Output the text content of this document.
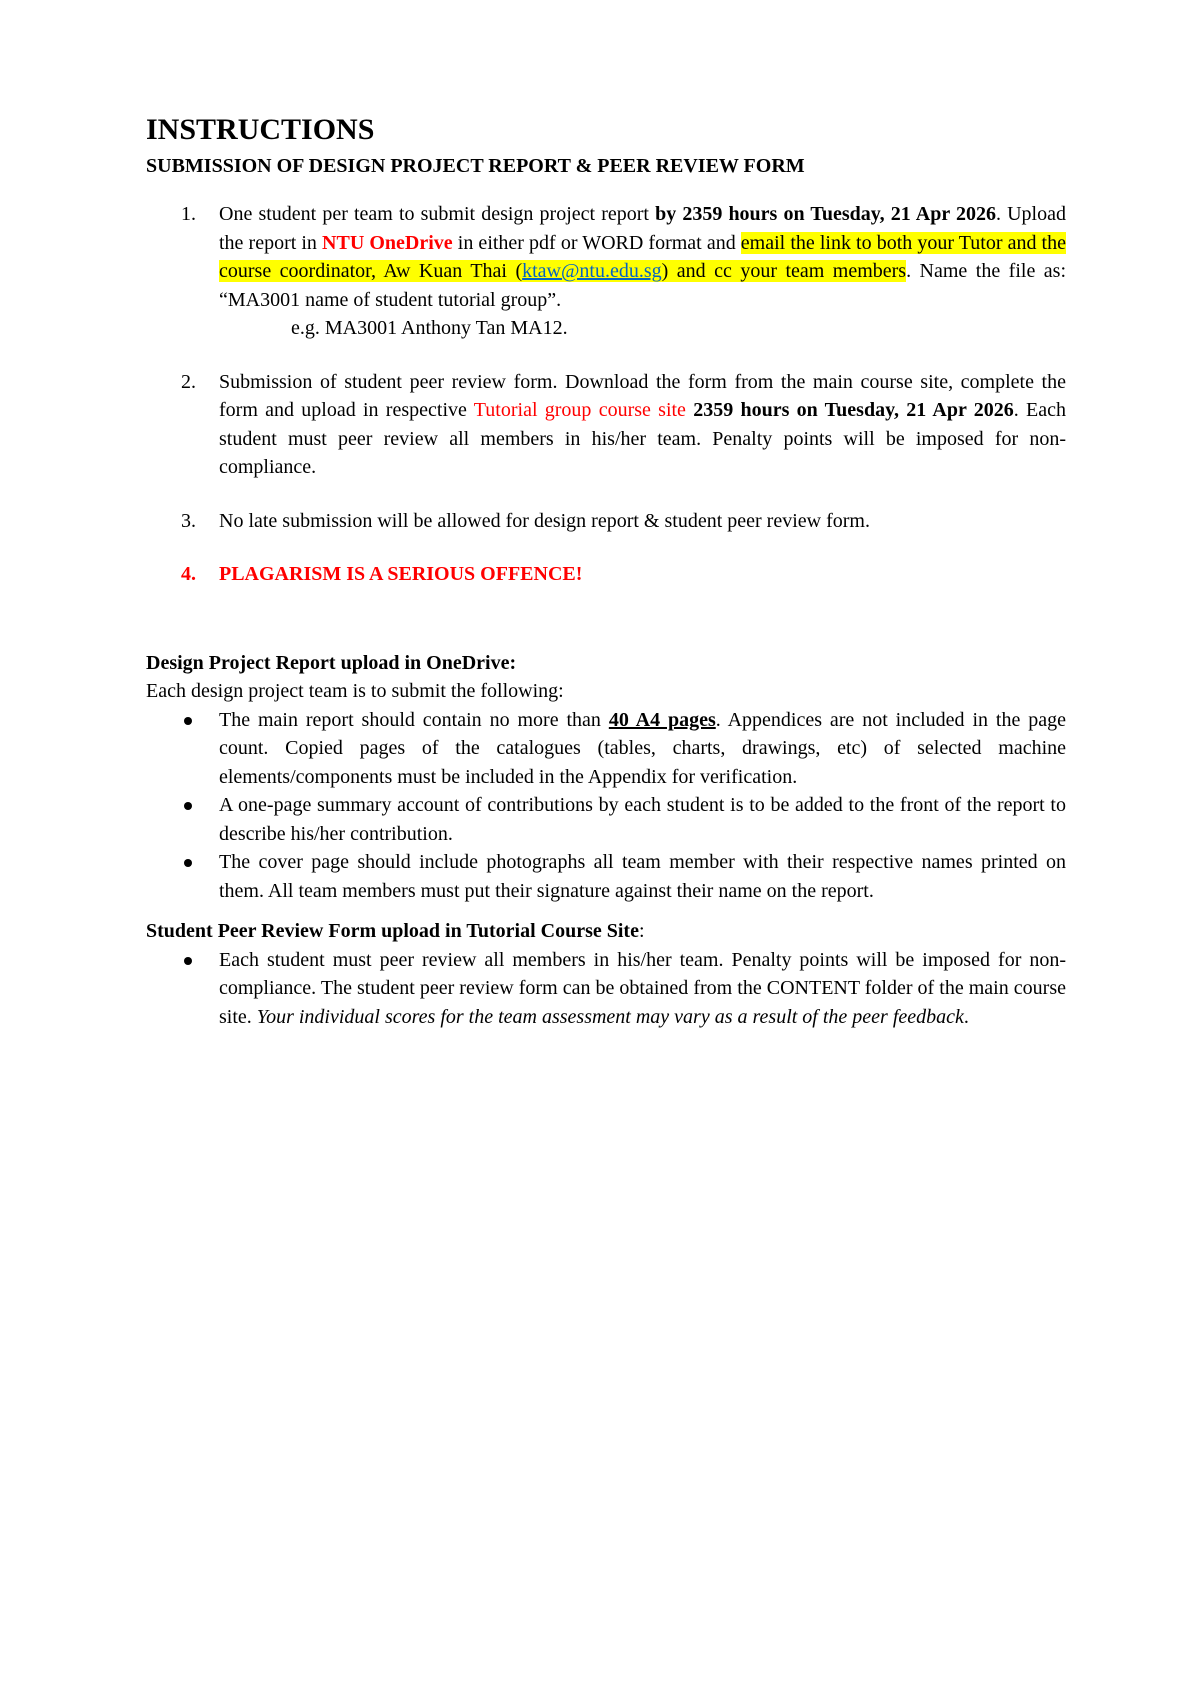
INSTRUCTIONS
SUBMISSION OF DESIGN PROJECT REPORT & PEER REVIEW FORM
1. One student per team to submit design project report by 2359 hours on Tuesday, 21 Apr 2026. Upload the report in NTU OneDrive in either pdf or WORD format and email the link to both your Tutor and the course coordinator, Aw Kuan Thai (ktaw@ntu.edu.sg) and cc your team members. Name the file as: “MA3001 name of student tutorial group”.
e.g. MA3001 Anthony Tan MA12.
2. Submission of student peer review form. Download the form from the main course site, complete the form and upload in respective Tutorial group course site 2359 hours on Tuesday, 21 Apr 2026. Each student must peer review all members in his/her team. Penalty points will be imposed for non-compliance.
3. No late submission will be allowed for design report & student peer review form.
4. PLAGARISM IS A SERIOUS OFFENCE!

Design Project Report upload in OneDrive:

Each design project team is to submit the following:

The main report should contain no more than 40 A4 pages. Appendices are not included in the page count. Copied pages of the catalogues (tables, charts, drawings, etc) of selected machine elements/components must be included in the Appendix for verification.
A one-page summary account of contributions by each student is to be added to the front of the report to describe his/her contribution.
The cover page should include photographs all team member with their respective names printed on them. All team members must put their signature against their name on the report.

Student Peer Review Form upload in Tutorial Course Site:

Each student must peer review all members in his/her team. Penalty points will be imposed for non-compliance. The student peer review form can be obtained from the CONTENT folder of the main course site. Your individual scores for the team assessment may vary as a result of the peer feedback.
